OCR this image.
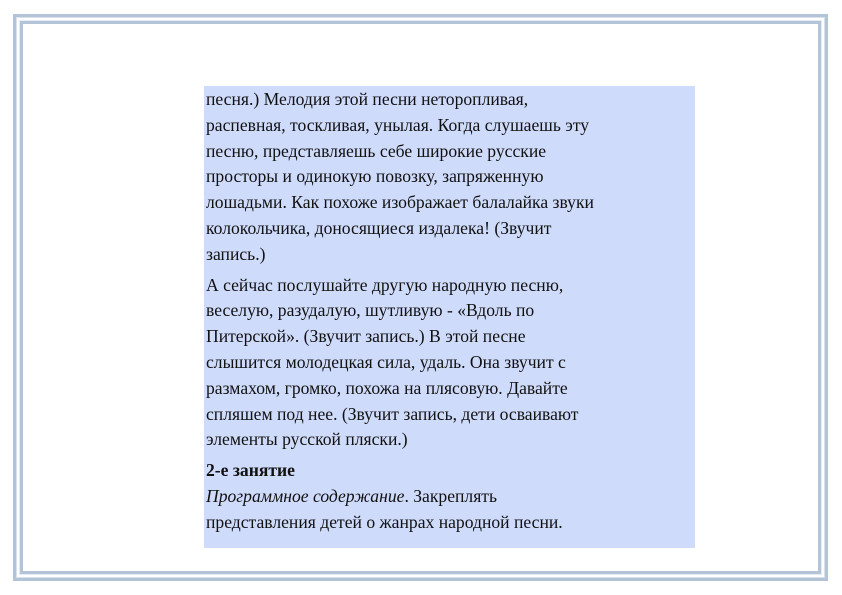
песня.) Мелодия этой песни неторопливая,
распевная, тоскливая, унылая. Когда слушаешь эту
песню, представляешь себе широкие русские
просторы и одинокую повозку, запряженную
лошадьми. Как похоже изображает балалайка звуки
колокольчика, доносящиеся издалека! (Звучит
запись.)

А сейчас послушайте другую народную песню,
веселую, разудалую, шутливую - «Вдоль по
Питерской». (Звучит запись.) В этой песне
слышится молодецкая сила, удаль. Она звучит с
размахом, громко, похожа на плясовую. Давайте
спляшем под нее. (Звучит запись, дети осваивают
элементы русской пляски.)

2-е занятие
Программное содержание. Закреплять
представления детей о жанрах народной песни.
